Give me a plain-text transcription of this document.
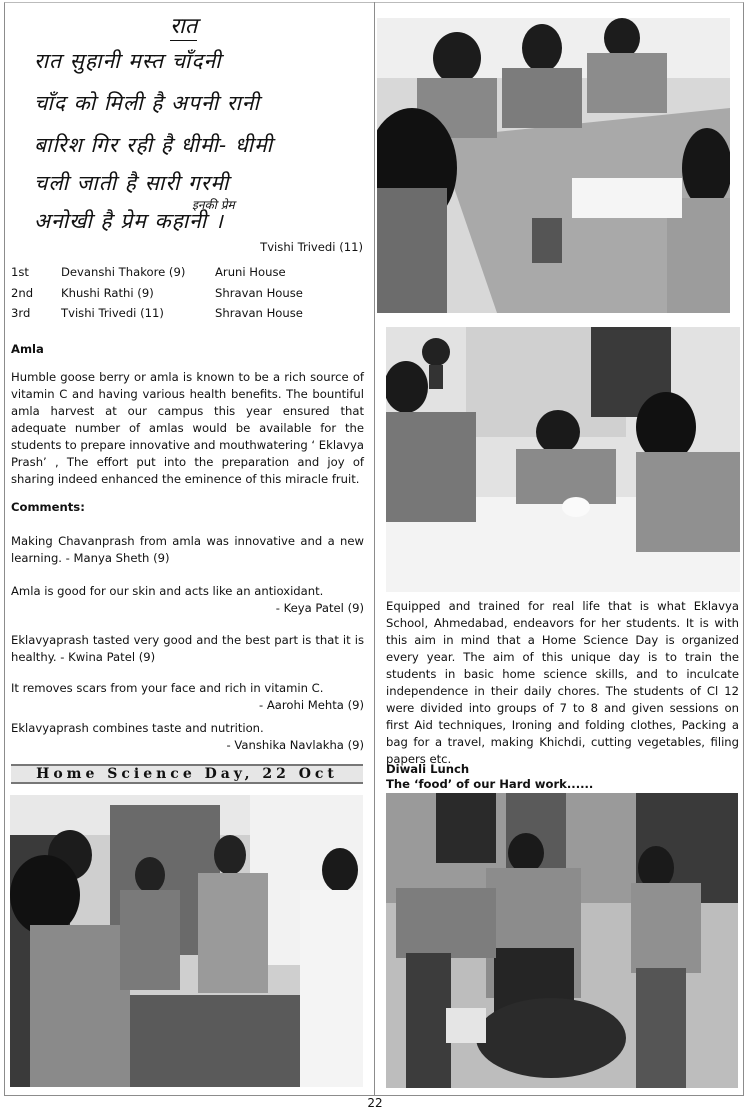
रात
रात सुहानी मस्त चाँदनी
चाँद को मिली है अपनी रानी
बारिश गिर रही है धीमी- धीमी
चली जाती है सारी गरमी
इनकी प्रेम
अनोखी है प्रेम कहानी ।
Tvishi Trivedi (11)
1st	Devanshi Thakore (9)	Aruni House
2nd Khushi Rathi (9)	Shravan House
3rd	Tvishi Trivedi (11)	Shravan House
Amla
Humble goose berry or amla is known to be a rich source of vitamin C and having various health benefits. The bountiful amla harvest at our campus this year ensured that adequate number of amlas would be available for the students to prepare innovative and mouthwatering ‘ Eklavya Prash’ , The effort put into the preparation and joy of sharing indeed enhanced the eminence of this miracle fruit.
Comments:
Making Chavanprash from amla was innovative and a new learning. - Manya Sheth (9)
Amla is good for our skin and acts like an antioxidant.
- Keya Patel (9)
Eklavyaprash tasted very good and the best part is that it is healthy. - Kwina Patel (9)
It removes scars from your face and rich in vitamin C.
- Aarohi Mehta (9)
Eklavyaprash combines taste and nutrition.
- Vanshika Navlakha (9)
Home Science Day, 22 Oct
Equipped and trained for real life that is what Eklavya School, Ahmedabad, endeavors for her students. It is with this aim in mind that a Home Science Day is organized every year. The aim of this unique day is to train the students in basic home science skills, and to inculcate independence in their daily chores. The students of Cl 12 were divided into groups of 7 to 8 and given sessions on first Aid techniques, Ironing and folding clothes, Packing a bag for a travel, making Khichdi, cutting vegetables, filing papers etc.
Diwali Lunch
The ‘food’ of our Hard work......
22
